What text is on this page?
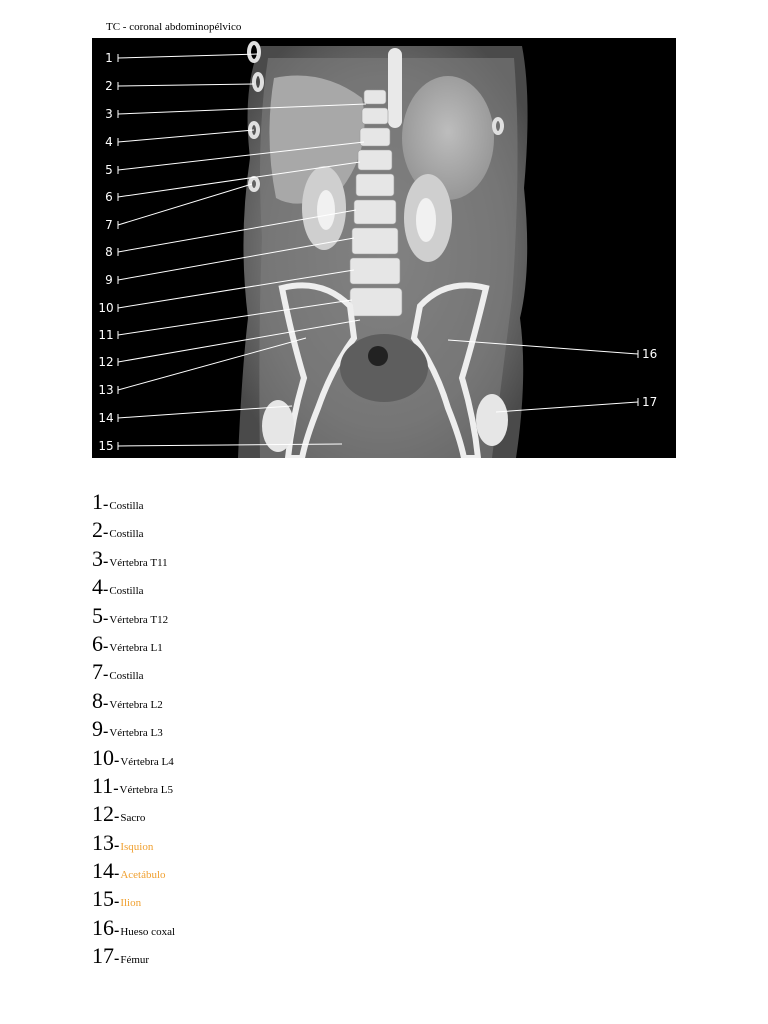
TC - coronal abdominopélvico
1
2
3
4
5
6
7
8
9
10
11
12
13
14
15
16
17
1 - Costilla
2 - Costilla
3 - Vértebra T11
4 - Costilla
5 - Vértebra T12
6 - Vértebra L1
7 - Costilla
8 - Vértebra L2
9 - Vértebra L3
10 - Vértebra L4
11 - Vértebra L5
12 - Sacro
13 - Isquion
14 - Acetábulo
15 - Ilion
16 - Hueso coxal
17 - Fémur
